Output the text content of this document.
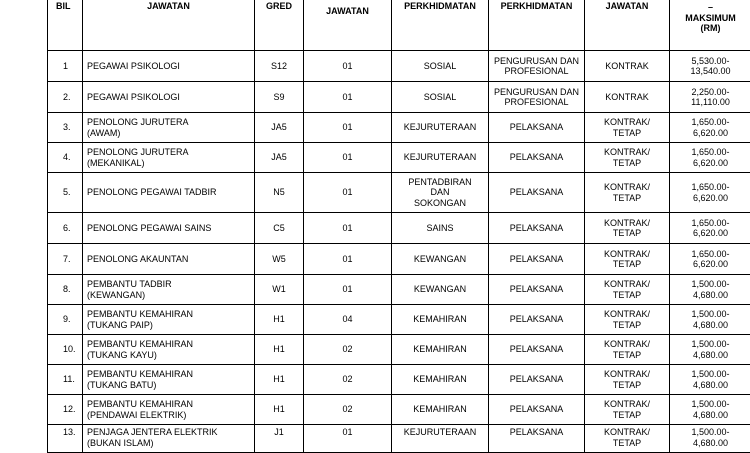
BIL	JAWATAN	GRED	JAWATAN	PERKHIDMATAN	PERKHIDMATAN	JAWATAN	–
MAKSIMUM
(RM)
1	PEGAWAI PSIKOLOGI	S12	01	SOSIAL	PENGURUSAN DAN
PROFESIONAL	KONTRAK	5,530.00-
13,540.00
2.	PEGAWAI PSIKOLOGI	S9	01	SOSIAL	PENGURUSAN DAN
PROFESIONAL	KONTRAK	2,250.00-
11,110.00
3.	PENOLONG JURUTERA
(AWAM)	JA5	01	KEJURUTERAAN	PELAKSANA	KONTRAK/
TETAP	1,650.00-
6,620.00
4.	PENOLONG JURUTERA
(MEKANIKAL)	JA5	01	KEJURUTERAAN	PELAKSANA	KONTRAK/
TETAP	1,650.00-
6,620.00
5.	PENOLONG PEGAWAI TADBIR	N5	01	PENTADBIRAN
DAN
SOKONGAN	PELAKSANA	KONTRAK/
TETAP	1,650.00-
6,620.00
6.	PENOLONG PEGAWAI SAINS	C5	01	SAINS	PELAKSANA	KONTRAK/
TETAP	1,650.00-
6,620.00
7.	PENOLONG AKAUNTAN	W5	01	KEWANGAN	PELAKSANA	KONTRAK/
TETAP	1,650.00-
6,620.00
8.	PEMBANTU TADBIR
(KEWANGAN)	W1	01	KEWANGAN	PELAKSANA	KONTRAK/
TETAP	1,500.00-
4,680.00
9.	PEMBANTU KEMAHIRAN
(TUKANG PAIP)	H1	04	KEMAHIRAN	PELAKSANA	KONTRAK/
TETAP	1,500.00-
4,680.00
10.	PEMBANTU KEMAHIRAN
(TUKANG KAYU)	H1	02	KEMAHIRAN	PELAKSANA	KONTRAK/
TETAP	1,500.00-
4,680.00
11.	PEMBANTU KEMAHIRAN
(TUKANG BATU)	H1	02	KEMAHIRAN	PELAKSANA	KONTRAK/
TETAP	1,500.00-
4,680.00
12.	PEMBANTU KEMAHIRAN
(PENDAWAI ELEKTRIK)	H1	02	KEMAHIRAN	PELAKSANA	KONTRAK/
TETAP	1,500.00-
4,680.00
13.	PENJAGA JENTERA ELEKTRIK
(BUKAN ISLAM)	J1	01	KEJURUTERAAN	PELAKSANA	KONTRAK/
TETAP	1,500.00-
4,680.00
